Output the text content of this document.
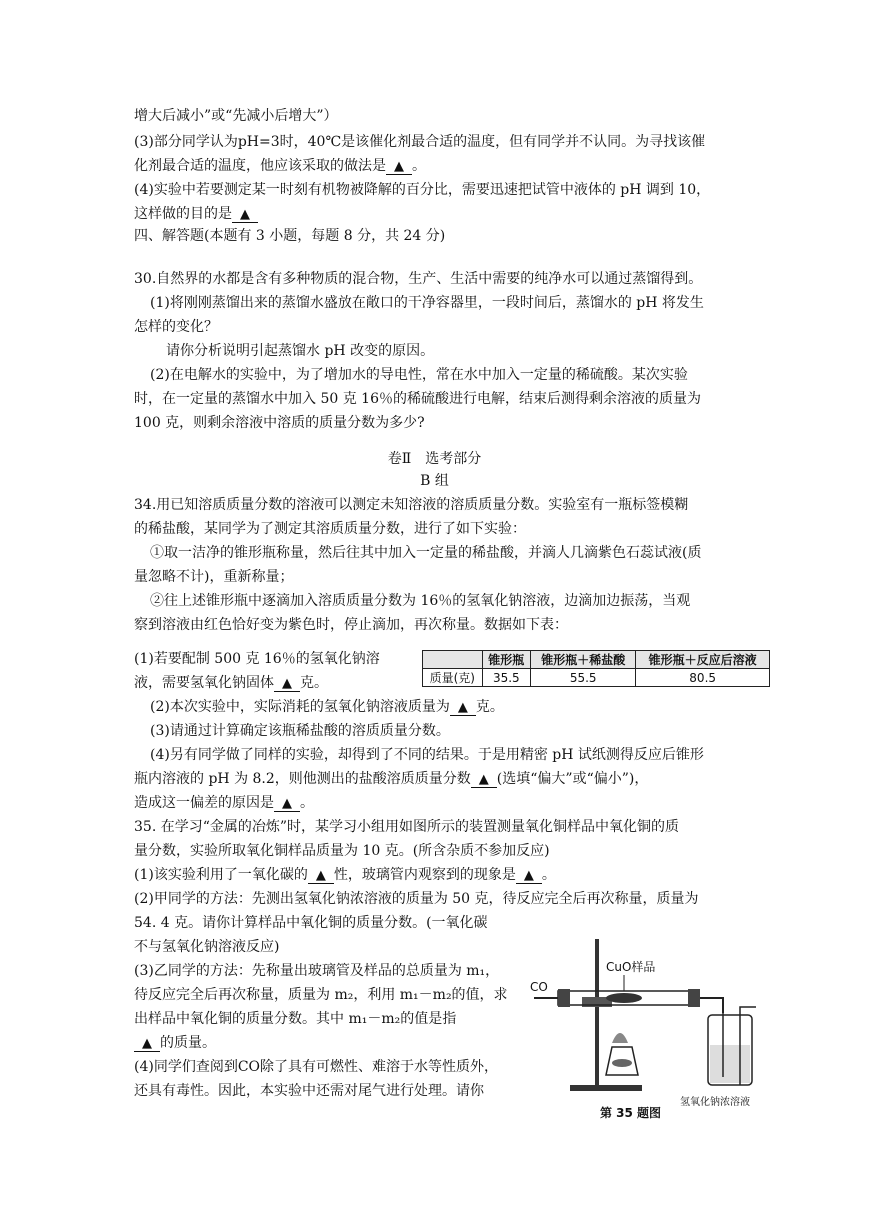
增大后减小”或“先减小后增大”）
(3)部分同学认为pH=3时，40℃是该催化剂最合适的温度，但有同学并不认同。为寻找该催
化剂最合适的温度，他应该采取的做法是 ▲ 。
(4)实验中若要测定某一时刻有机物被降解的百分比，需要迅速把试管中液体的 pH 调到 10，
这样做的目的是 ▲
四、解答题(本题有 3 小题，每题 8 分，共 24 分)
30.自然界的水都是含有多种物质的混合物，生产、生活中需要的纯净水可以通过蒸馏得到。
(1)将刚刚蒸馏出来的蒸馏水盛放在敞口的干净容器里，一段时间后，蒸馏水的 pH 将发生
怎样的变化？
请你分析说明引起蒸馏水 pH 改变的原因。
(2)在电解水的实验中，为了增加水的导电性，常在水中加入一定量的稀硫酸。某次实验
时，在一定量的蒸馏水中加入 50 克 16％的稀硫酸进行电解，结束后测得剩余溶液的质量为
100 克，则剩余溶液中溶质的质量分数为多少?
卷Ⅱ　选考部分
B 组
34.用已知溶质质量分数的溶液可以测定未知溶液的溶质质量分数。实验室有一瓶标签模糊
的稀盐酸，某同学为了测定其溶质质量分数，进行了如下实验：
①取一洁净的锥形瓶称量，然后往其中加入一定量的稀盐酸，并滴人几滴紫色石蕊试液(质
量忽略不计)，重新称量；
②往上述锥形瓶中逐滴加入溶质质量分数为 16％的氢氧化钠溶液，边滴加边振荡，当观
察到溶液由红色恰好变为紫色时，停止滴加，再次称量。数据如下表：
(1)若要配制 500 克 16％的氢氧化钠溶
液，需要氢氧化钠固体 ▲ 克。
	锥形瓶	锥形瓶＋稀盐酸	锥形瓶＋反应后溶液
质量(克)	35.5	55.5	80.5
(2)本次实验中，实际消耗的氢氧化钠溶液质量为 ▲ 克。
(3)请通过计算确定该瓶稀盐酸的溶质质量分数。
(4)另有同学做了同样的实验，却得到了不同的结果。于是用精密 pH 试纸测得反应后锥形
瓶内溶液的 pH 为 8.2，则他测出的盐酸溶质质量分数 ▲ (选填“偏大”或“偏小”)，
造成这一偏差的原因是 ▲ 。
35. 在学习“金属的冶炼”时，某学习小组用如图所示的装置测量氧化铜样品中氧化铜的质
量分数，实验所取氧化铜样品质量为 10 克。(所含杂质不参加反应)
(1)该实验利用了一氧化碳的 ▲ 性，玻璃管内观察到的现象是 ▲ 。
(2)甲同学的方法：先测出氢氧化钠浓溶液的质量为 50 克，待反应完全后再次称量，质量为
54. 4 克。请你计算样品中氧化铜的质量分数。(一氧化碳
不与氢氧化钠溶液反应)
(3)乙同学的方法：先称量出玻璃管及样品的总质量为 m₁，
待反应完全后再次称量，质量为 m₂，利用 m₁－m₂的值，求
出样品中氧化铜的质量分数。其中 m₁－m₂的值是指
▲ 的质量。
(4)同学们查阅到CO除了具有可燃性、难溶于水等性质外，
还具有毒性。因此，本实验中还需对尾气进行处理。请你
CuO样品
CO
氢氧化钠浓溶液
第 35 题图
